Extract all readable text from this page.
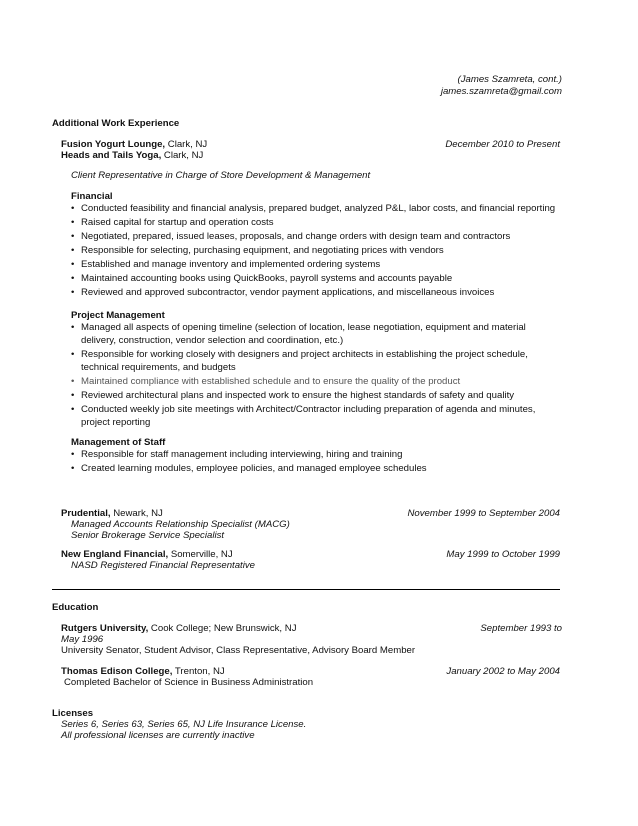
(James Szamreta, cont.)
james.szamreta@gmail.com
Additional Work Experience
Fusion Yogurt Lounge, Clark, NJ	December 2010 to Present
Heads and Tails Yoga, Clark, NJ
Client Representative in Charge of Store Development & Management
Financial
• Conducted feasibility and financial analysis, prepared budget, analyzed P&L, labor costs, and financial reporting
• Raised capital for startup and operation costs
• Negotiated, prepared, issued leases, proposals, and change orders with design team and contractors
• Responsible for selecting, purchasing equipment, and negotiating prices with vendors
• Established and manage inventory and implemented ordering systems
• Maintained accounting books using QuickBooks, payroll systems and accounts payable
• Reviewed and approved subcontractor, vendor payment applications, and miscellaneous invoices
Project Management
• Managed all aspects of opening timeline (selection of location, lease negotiation, equipment and material delivery, construction, vendor selection and coordination, etc.)
• Responsible for working closely with designers and project architects in establishing the project schedule, technical requirements, and budgets
• Maintained compliance with established schedule and to ensure the quality of the product
• Reviewed architectural plans and inspected work to ensure the highest standards of safety and quality
• Conducted weekly job site meetings with Architect/Contractor including preparation of agenda and minutes, project reporting
Management of Staff
• Responsible for staff management including interviewing, hiring and training
• Created learning modules, employee policies, and managed employee schedules
Prudential, Newark, NJ	November 1999 to September 2004
Managed Accounts Relationship Specialist (MACG)
Senior Brokerage Service Specialist
New England Financial, Somerville, NJ	May 1999 to October 1999
NASD Registered Financial Representative
Education
Rutgers University, Cook College; New Brunswick, NJ	September 1993 to
May 1996
University Senator, Student Advisor, Class Representative, Advisory Board Member
Thomas Edison College, Trenton, NJ	January 2002 to May 2004
Completed Bachelor of Science in Business Administration
Licenses
Series 6, Series 63, Series 65, NJ Life Insurance License.
All professional licenses are currently inactive
